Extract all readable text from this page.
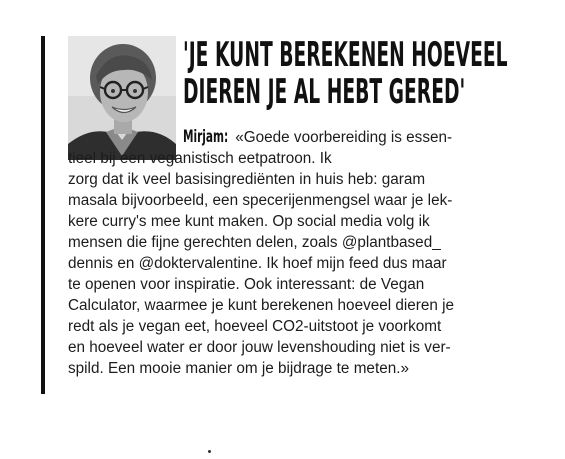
'JE KUNT BEREKENEN HOEVEEL
DIEREN JE AL HEBT GERED'
Mirjam: «Goede voorbereiding is essen-
tieel bij een veganistisch eetpatroon. Ik
zorg dat ik veel basisingrediënten in huis heb: garam
masala bijvoorbeeld, een specerijenmengsel waar je lek-
kere curry's mee kunt maken. Op social media volg ik
mensen die fijne gerechten delen, zoals @plantbased_
dennis en @doktervalentine. Ik hoef mijn feed dus maar
te openen voor inspiratie. Ook interessant: de Vegan
Calculator, waarmee je kunt berekenen hoeveel dieren je
redt als je vegan eet, hoeveel CO2-uitstoot je voorkomt
en hoeveel water er door jouw levenshouding niet is ver-
spild. Een mooie manier om je bijdrage te meten.»
